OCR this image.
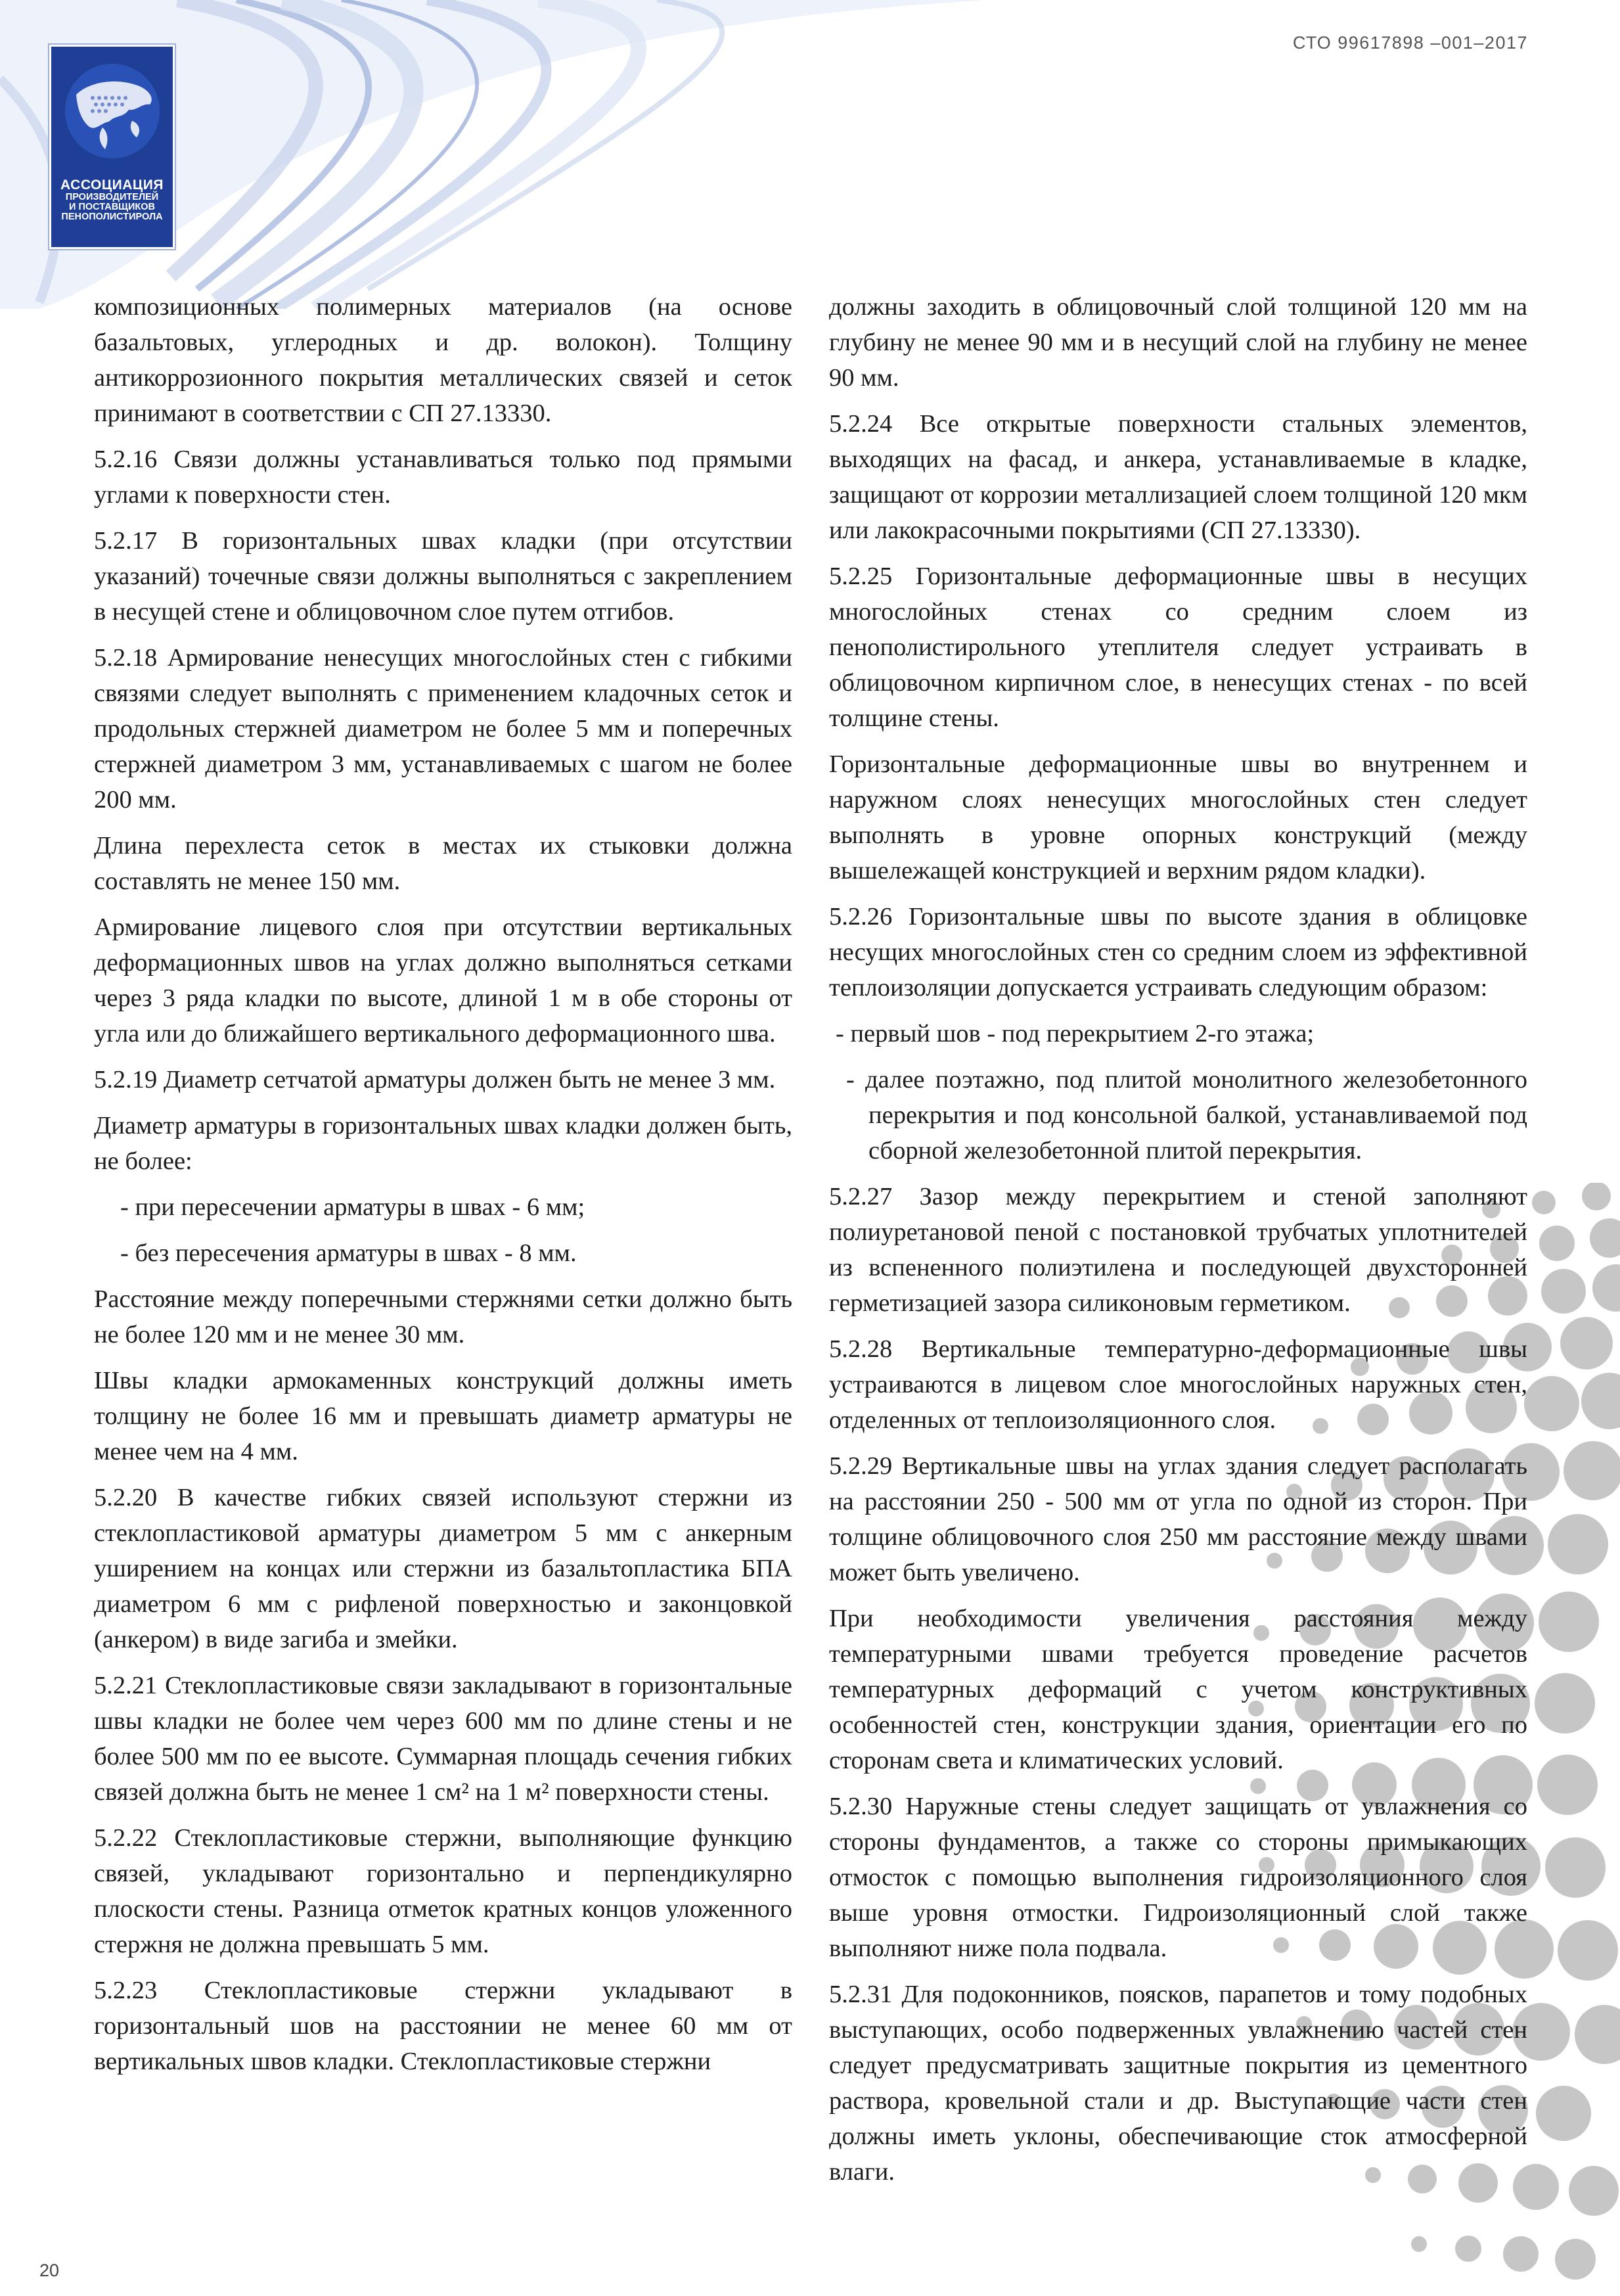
АССОЦИАЦИЯ
ПРОИЗВОДИТЕЛЕЙ
И ПОСТАВЩИКОВ
ПЕНОПОЛИСТИРОЛА
СТО 99617898 –001–2017

композиционных полимерных материалов (на основе базальтовых, углеродных и др. волокон). Толщину антикоррозионного покрытия металлических связей и сеток принимают в соответствии с СП 27.13330.

5.2.16 Связи должны устанавливаться только под прямыми углами к поверхности стен.

5.2.17 В горизонтальных швах кладки (при отсутствии указаний) точечные связи должны выполняться с закреплением в несущей стене и облицовочном слое путем отгибов.

5.2.18 Армирование ненесущих многослойных стен с гибкими связями следует выполнять с применением кладочных сеток и продольных стержней диаметром не более 5 мм и поперечных стержней диаметром 3 мм, устанавливаемых с шагом не более 200 мм.

Длина перехлеста сеток в местах их стыковки должна составлять не менее 150 мм.

Армирование лицевого слоя при отсутствии вертикальных деформационных швов на углах должно выполняться сетками через 3 ряда кладки по высоте, длиной 1 м в обе стороны от угла или до ближайшего вертикального деформационного шва.

5.2.19 Диаметр сетчатой арматуры должен быть не менее 3 мм.

Диаметр арматуры в горизонтальных швах кладки должен быть, не более:

- при пересечении арматуры в швах - 6 мм;

- без пересечения арматуры в швах - 8 мм.

Расстояние между поперечными стержнями сетки должно быть не более 120 мм и не менее 30 мм.

Швы кладки армокаменных конструкций должны иметь толщину не более 16 мм и превышать диаметр арматуры не менее чем на 4 мм.

5.2.20 В качестве гибких связей используют стержни из стеклопластиковой арматуры диаметром 5 мм с анкерным уширением на концах или стержни из базальтопластика БПА диаметром 6 мм с рифленой поверхностью и законцовкой (анкером) в виде загиба и змейки.

5.2.21 Стеклопластиковые связи закладывают в горизонтальные швы кладки не более чем через 600 мм по длине стены и не более 500 мм по ее высоте. Суммарная площадь сечения гибких связей должна быть не менее 1 см² на 1 м² поверхности стены.

5.2.22 Стеклопластиковые стержни, выполняющие функцию связей, укладывают горизонтально и перпендикулярно плоскости стены. Разница отметок кратных концов уложенного стержня не должна превышать 5 мм.

5.2.23 Стеклопластиковые стержни укладывают в горизонтальный шов на расстоянии не менее 60 мм от вертикальных швов кладки. Стеклопластиковые стержни

должны заходить в облицовочный слой толщиной 120 мм на глубину не менее 90 мм и в несущий слой на глубину не менее 90 мм.

5.2.24 Все открытые поверхности стальных элементов, выходящих на фасад, и анкера, устанавливаемые в кладке, защищают от коррозии металлизацией слоем толщиной 120 мкм или лакокрасочными покрытиями (СП 27.13330).

5.2.25 Горизонтальные деформационные швы в несущих многослойных стенах со средним слоем из пенополистирольного утеплителя следует устраивать в облицовочном кирпичном слое, в ненесущих стенах - по всей толщине стены.

Горизонтальные деформационные швы во внутреннем и наружном слоях ненесущих многослойных стен следует выполнять в уровне опорных конструкций (между вышележащей конструкцией и верхним рядом кладки).

5.2.26 Горизонтальные швы по высоте здания в облицовке несущих многослойных стен со средним слоем из эффективной теплоизоляции допускается устраивать следующим образом:

- первый шов - под перекрытием 2-го этажа;

- далее поэтажно, под плитой монолитного железобетонного перекрытия и под консольной балкой, устанавливаемой под сборной железобетонной плитой перекрытия.

5.2.27 Зазор между перекрытием и стеной заполняют полиуретановой пеной с постановкой трубчатых уплотнителей из вспененного полиэтилена и последующей двухсторонней герметизацией зазора силиконовым герметиком.

5.2.28 Вертикальные температурно-деформационные швы устраиваются в лицевом слое многослойных наружных стен, отделенных от теплоизоляционного слоя.

5.2.29 Вертикальные швы на углах здания следует располагать на расстоянии 250 - 500 мм от угла по одной из сторон. При толщине облицовочного слоя 250 мм расстояние между швами может быть увеличено.

При необходимости увеличения расстояния между температурными швами требуется проведение расчетов температурных деформаций с учетом конструктивных особенностей стен, конструкции здания, ориентации его по сторонам света и климатических условий.

5.2.30 Наружные стены следует защищать от увлажнения со стороны фундаментов, а также со стороны примыкающих отмосток с помощью выполнения гидроизоляционного слоя выше уровня отмостки. Гидроизоляционный слой также выполняют ниже пола подвала.

5.2.31 Для подоконников, поясков, парапетов и тому подобных выступающих, особо подверженных увлажнению частей стен следует предусматривать защитные покрытия из цементного раствора, кровельной стали и др. Выступающие части стен должны иметь уклоны, обеспечивающие сток атмосферной влаги.

20
